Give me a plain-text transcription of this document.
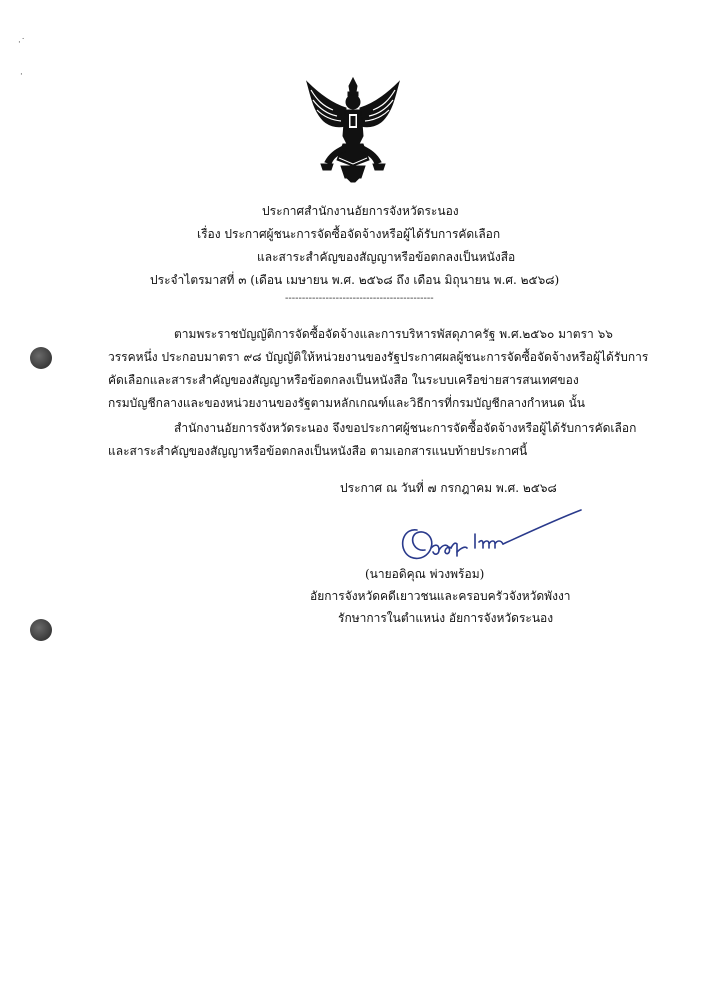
·˙
·
ประกาศสำนักงานอัยการจังหวัดระนอง
เรื่อง ประกาศผู้ชนะการจัดซื้อจัดจ้างหรือผู้ได้รับการคัดเลือก
และสาระสำคัญของสัญญาหรือข้อตกลงเป็นหนังสือ
ประจำไตรมาสที่ ๓ (เดือน เมษายน พ.ศ. ๒๕๖๘ ถึง เดือน มิถุนายน พ.ศ. ๒๕๖๘)
--------------------------------------------

ตามพระราชบัญญัติการจัดซื้อจัดจ้างและการบริหารพัสดุภาครัฐ พ.ศ.๒๕๖๐ มาตรา ๖๖

วรรคหนึ่ง ประกอบมาตรา ๙๘ บัญญัติให้หน่วยงานของรัฐประกาศผลผู้ชนะการจัดซื้อจัดจ้างหรือผู้ได้รับการ

คัดเลือกและสาระสำคัญของสัญญาหรือข้อตกลงเป็นหนังสือ ในระบบเครือข่ายสารสนเทศของ

กรมบัญชีกลางและของหน่วยงานของรัฐตามหลักเกณฑ์และวิธีการที่กรมบัญชีกลางกำหนด นั้น

สำนักงานอัยการจังหวัดระนอง จึงขอประกาศผู้ชนะการจัดซื้อจัดจ้างหรือผู้ได้รับการคัดเลือก

และสาระสำคัญของสัญญาหรือข้อตกลงเป็นหนังสือ ตามเอกสารแนบท้ายประกาศนี้

ประกาศ ณ วันที่ ๗ กรกฎาคม พ.ศ. ๒๕๖๘
(นายอดิคุณ พ่วงพร้อม)
อัยการจังหวัดคดีเยาวชนและครอบครัวจังหวัดพังงา
รักษาการในตำแหน่ง อัยการจังหวัดระนอง
